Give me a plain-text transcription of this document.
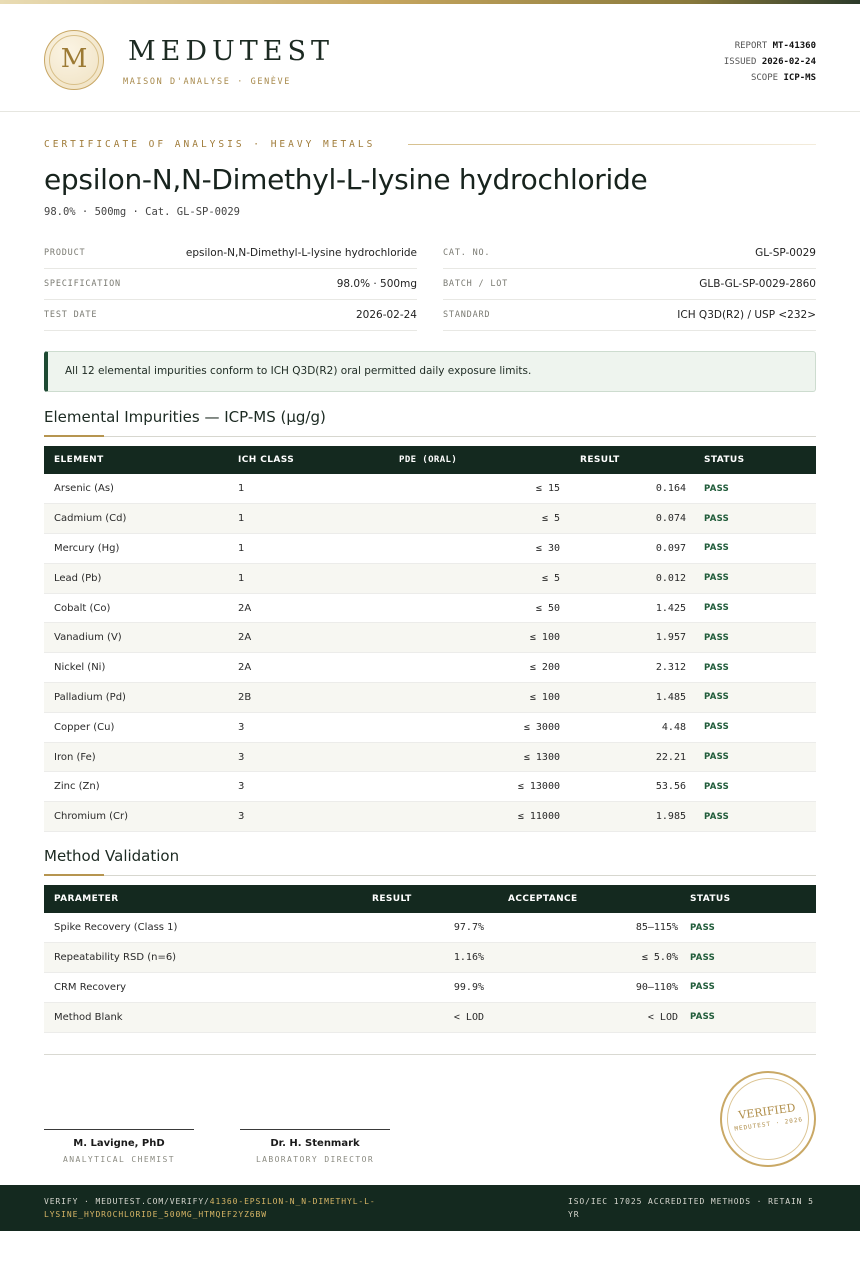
M	MEDUTEST
MAISON D'ANALYSE · GENÈVE
REPORT MT-41360
ISSUED 2026-02-24
SCOPE ICP-MS
CERTIFICATE OF ANALYSIS · HEAVY METALS
epsilon-N,N-Dimethyl-L-lysine hydrochloride
98.0% · 500mg · Cat. GL-SP-0029
PRODUCT	epsilon-N,N-Dimethyl-L-lysine hydrochloride
SPECIFICATION	98.0% · 500mg
TEST DATE	2026-02-24
CAT. NO.	GL-SP-0029
BATCH / LOT	GLB-GL-SP-0029-2860
STANDARD	ICH Q3D(R2) / USP <232>
All 12 elemental impurities conform to ICH Q3D(R2) oral permitted daily exposure limits.
Elemental Impurities — ICP-MS (µg/g)
ELEMENT	ICH CLASS	PDE (ORAL)	RESULT	STATUS
Arsenic (As)	1	≤ 15	0.164	PASS
Cadmium (Cd)	1	≤ 5	0.074	PASS
Mercury (Hg)	1	≤ 30	0.097	PASS
Lead (Pb)	1	≤ 5	0.012	PASS
Cobalt (Co)	2A	≤ 50	1.425	PASS
Vanadium (V)	2A	≤ 100	1.957	PASS
Nickel (Ni)	2A	≤ 200	2.312	PASS
Palladium (Pd)	2B	≤ 100	1.485	PASS
Copper (Cu)	3	≤ 3000	4.48	PASS
Iron (Fe)	3	≤ 1300	22.21	PASS
Zinc (Zn)	3	≤ 13000	53.56	PASS
Chromium (Cr)	3	≤ 11000	1.985	PASS
Method Validation
PARAMETER	RESULT	ACCEPTANCE	STATUS
Spike Recovery (Class 1)	97.7%	85–115%	PASS
Repeatability RSD (n=6)	1.16%	≤ 5.0%	PASS
CRM Recovery	99.9%	90–110%	PASS
Method Blank	< LOD	< LOD	PASS
M. Lavigne, PhD
ANALYTICAL CHEMIST
Dr. H. Stenmark
LABORATORY DIRECTOR
VERIFIED
MEDUTEST · 2026
VERIFY · MEDUTEST.COM/VERIFY/41360-EPSILON-N_N-DIMETHYL-L-LYSINE_HYDROCHLORIDE_500MG_HTMQEF2YZ6BW
ISO/IEC 17025 ACCREDITED METHODS · RETAIN 5 YR
